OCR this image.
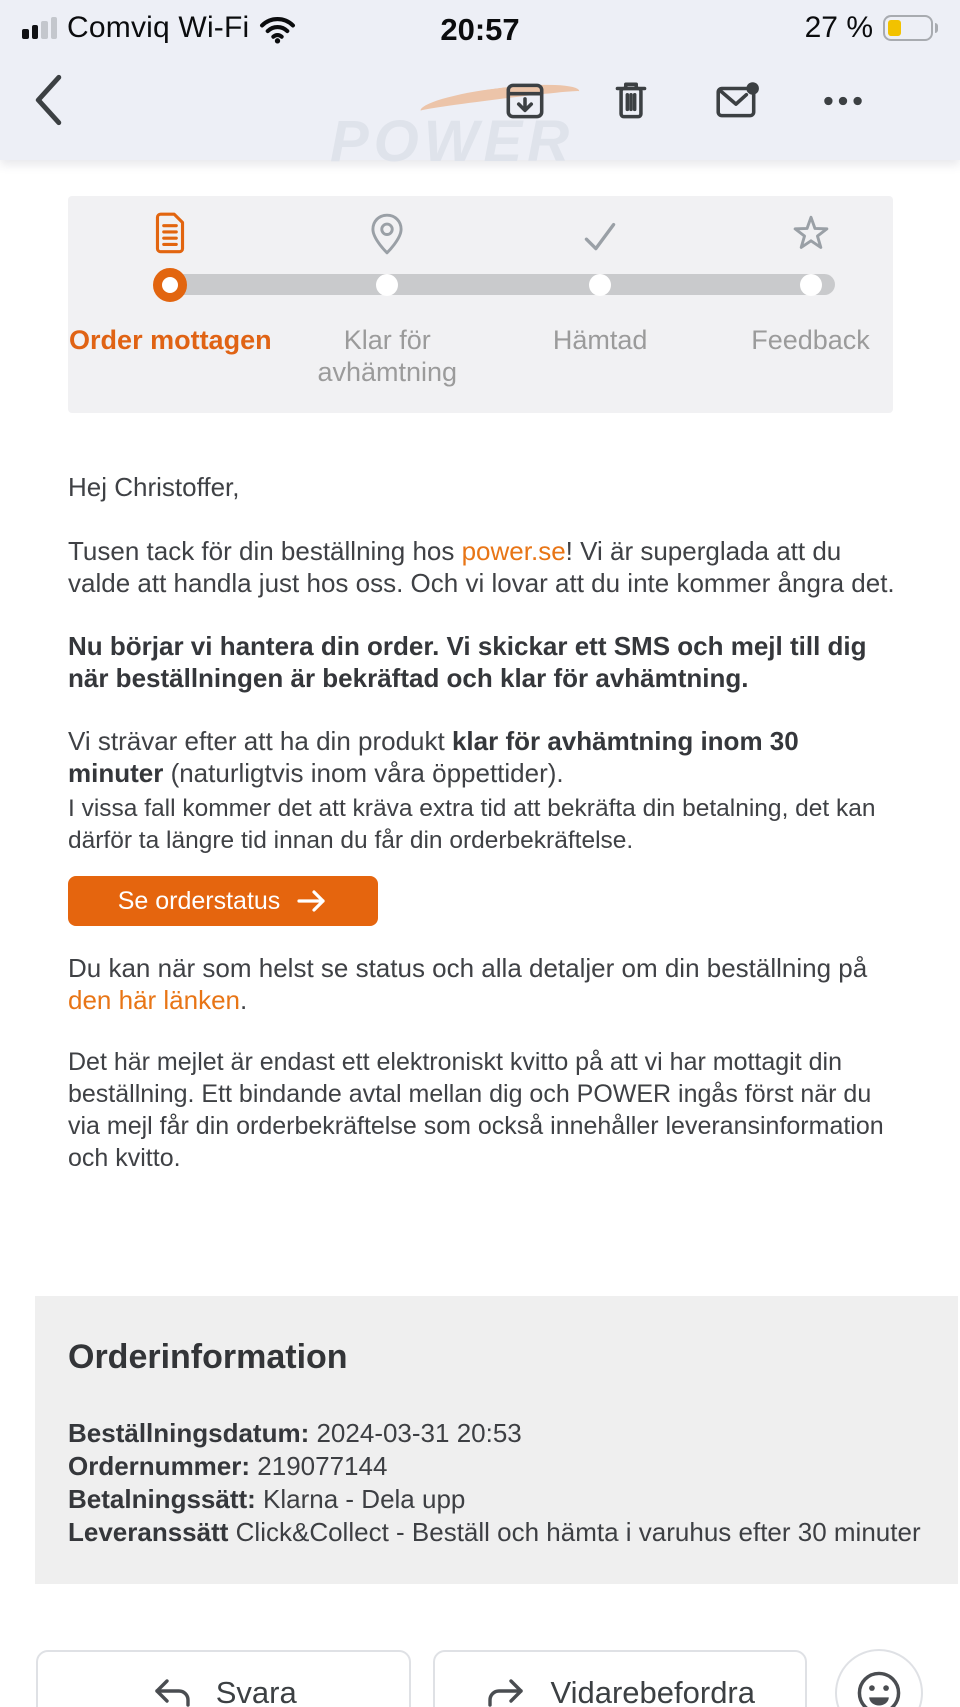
Comviq Wi-Fi	20:57	27 %
POWER
Order mottagen	Klar för avhämtning
Hämtad	Feedback

Hej Christoffer,

Tusen tack för din beställning hos power.se! Vi är superglada att du valde att handla just hos oss. Och vi lovar att du inte kommer ångra det.

Nu börjar vi hantera din order. Vi skickar ett SMS och mejl till dig när beställningen är bekräftad och klar för avhämtning.

Vi strävar efter att ha din produkt klar för avhämtning inom 30 minuter (naturligtvis inom våra öppettider).

I vissa fall kommer det att kräva extra tid att bekräfta din betalning, det kan därför ta längre tid innan du får din orderbekräftelse.

Se orderstatus

Du kan när som helst se status och alla detaljer om din beställning på den här länken.

Det här mejlet är endast ett elektroniskt kvitto på att vi har mottagit din beställning. Ett bindande avtal mellan dig och POWER ingås först när du via mejl får din orderbekräftelse som också innehåller leveransinformation och kvitto.

Orderinformation
Beställningsdatum: 2024-03-31 20:53
Ordernummer: 219077144
Betalningssätt: Klarna - Dela upp
Leveranssätt Click&Collect - Beställ och hämta i varuhus efter 30 minuter
Svara	Vidarebefordra
